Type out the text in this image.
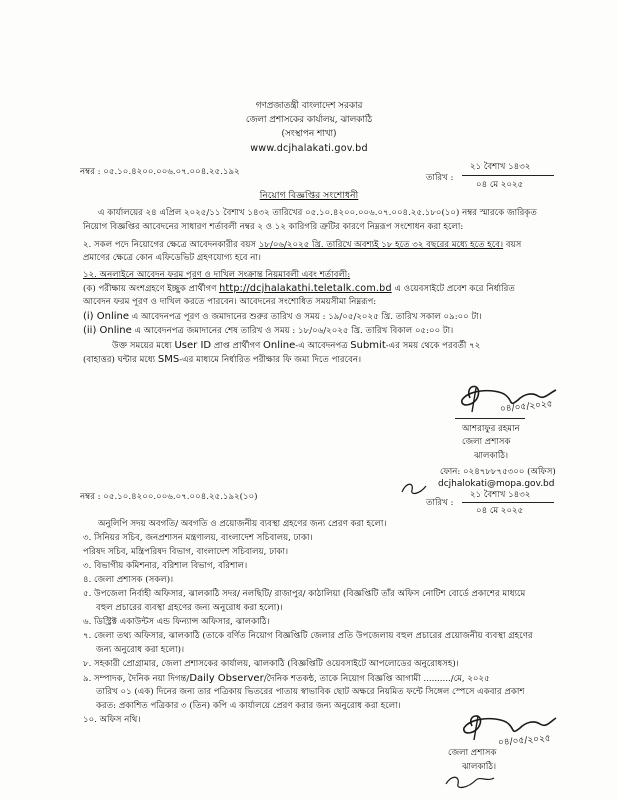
গণপ্রজাতন্ত্রী বাংলাদেশ সরকার
জেলা প্রশাসকের কার্যালয়, ঝালকাঠি
(সংস্থাপন শাখা)
www.dcjhalakati.gov.bd
নম্বর : ০৫.১০.৪২০০.০০৬.০৭.০০৪.২৫.১৯২
তারিখ :
২১ বৈশাখ ১৪৩২
০৪ মে ২০২৫
নিয়োগ বিজ্ঞপ্তির সংশোধনী
এ কার্যালয়ের ২৪ এপ্রিল ২০২৫/১১ বৈশাখ ১৪৩২ তারিখের ০৫.১০.৪২০০.০০৬.০৭.০০৪.২৫.১৮০(১০) নম্বর স্মারকে জারিকৃত
নিয়োগ বিজ্ঞপ্তির আবেদনের সাধারণ শর্তাবলী নম্বর ২ ও ১২ কারিগরি ত্রুটির কারণে নিম্নরূপ সংশোধন করা হলো:
২. সকল পদে নিয়োগের ক্ষেত্রে আবেদনকারীর বয়স ১৮/০৬/২০২৫ খ্রি. তারিখে অবশ্যই ১৮ হতে ৩২ বছরের মধ্যে হতে হবে। বয়স
প্রমাণের ক্ষেত্রে কোন এফিডেভিট গ্রহণযোগ্য হবে না।
১২. অনলাইনে আবেদন ফরম পূরণ ও দাখিল সংক্রান্ত নিয়মাবলী এবং শর্তাবলী:
(ক) পরীক্ষায় অংশগ্রহণে ইচ্ছুক প্রার্থীগণ http://dcjhalakathi.teletalk.com.bd এ ওয়েবসাইটে প্রবেশ করে নির্ধারিত
আবেদন ফরম পূরণ ও দাখিল করতে পারবেন। আবেদনের সংশোধিত সময়সীমা নিম্নরূপ:
(i) Online এ আবেদনপত্র পূরণ ও জমাদানের শুরুর তারিখ ও সময় : ১৯/০৫/২০২৫ খ্রি. তারিখ সকাল ০৯:০০ টা।
(ii) Online এ আবেদনপত্র জমাদানের শেষ তারিখ ও সময় : ১৮/০৬/২০২৫ খ্রি. তারিখ বিকাল ০৫:০০ টা।
উক্ত সময়ের মধ্যে User ID প্রাপ্ত প্রার্থীগণ Online-এ আবেদনপত্র Submit-এর সময় থেকে পরবর্তী ৭২
(বাহাত্তর) ঘন্টার মধ্যে SMS-এর মাধ্যমে নির্ধারিত পরীক্ষার ফি জমা দিতে পারবেন।
০৪/০৫/২০২৫
আশরাফুর রহমান
জেলা প্রশাসক
ঝালকাঠি।
ফোন: ০২৪৭৮৮৭৫৩০০ (অফিস)
dcjhalokati@mopa.gov.bd
নম্বর : ০৫.১০.৪২০০.০০৬.০৭.০০৪.২৫.১৯২(১০)
তারিখ :
২১ বৈশাখ ১৪৩২
০৪ মে ২০২৫
অনুলিপি সদয় অবগতি/ অবগতি ও প্রয়োজনীয় ব্যবস্থা গ্রহণের জন্য প্রেরণ করা হলো।
৩. সিনিয়র সচিব, জনপ্রশাসন মন্ত্রণালয়, বাংলাদেশ সচিবালয়, ঢাকা।
পরিষদ সচিব, মন্ত্রিপরিষদ বিভাগ, বাংলাদেশ সচিবালয়, ঢাকা।
৩. বিভাগীয় কমিশনার, বরিশাল বিভাগ, বরিশাল।
৪. জেলা প্রশাসক (সকল)।
৫. উপজেলা নির্বাহী অফিসার, ঝালকাঠি সদর/ নলছিটি/ রাজাপুর/ কাঠালিয়া (বিজ্ঞপ্তিটি তাঁর অফিস নোটিশ বোর্ডে প্রকাশের মাধ্যমে
বহুল প্রচারের ব্যবস্থা গ্রহণের জন্য অনুরোধ করা হলো)।
৬. ডিস্ট্রিক্ট একাউন্টস এন্ড ফিন্যান্স অফিসার, ঝালকাঠি।
৭. জেলা তথ্য অফিসার, ঝালকাঠি (তাকে বর্ণিত নিয়োগ বিজ্ঞপ্তিটি জেলার প্রতি উপজেলায় বহুল প্রচারের প্রয়োজনীয় ব্যবস্থা গ্রহণের
জন্য অনুরোধ করা হলো)।
৮. সহকারী প্রোগ্রামার, জেলা প্রশাসকের কার্যালয়, ঝালকাঠি (বিজ্ঞপ্তিটি ওয়েবসাইটে আপলোডের অনুরোধসহ)।
৯. সম্পাদক, দৈনিক নয়া দিগন্ত/Daily Observer/দৈনিক শতকন্ঠ, তাকে নিয়োগ বিজ্ঞপ্তি আগামী ........../মে, ২০২৫
তারিখ ০১ (এক) দিনের জন্য তার পত্রিকায় ভিতরের পাতায় স্বাভাবিক ছোট অক্ষরে নিয়মিত ফন্টে সিঙ্গেল স্পেসে একবার প্রকাশ
করত: প্রকাশিত পত্রিকার ৩ (তিন) কপি এ কার্যালয়ে প্রেরণ করার জন্য অনুরোধ করা হলো।
১০. অফিস নথি।
০৪/০৫/২০২৫
জেলা প্রশাসক
ঝালকাঠি।
